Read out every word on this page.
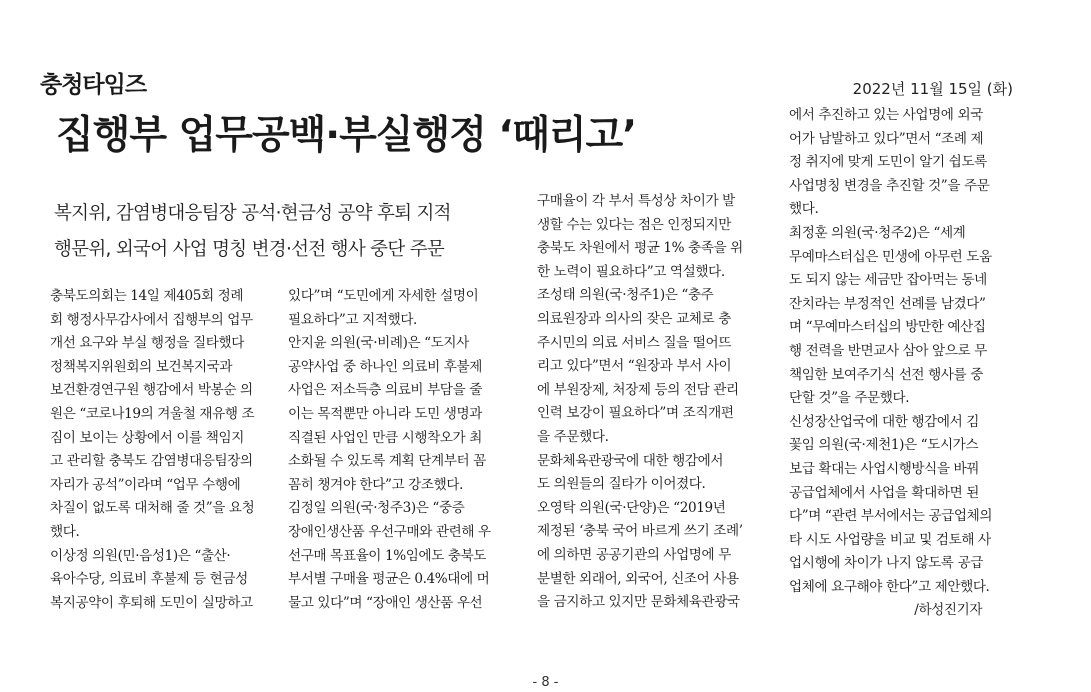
충청타임즈	2022년 11월 15일 (화)
집행부 업무공백·부실행정 ‘때리고’
복지위, 감염병대응팀장 공석·현금성 공약 후퇴 지적
행문위, 외국어 사업 명칭 변경·선전 행사 중단 주문

충북도의회는 14일 제405회 정례

회 행정사무감사에서 집행부의 업무

개선 요구와 부실 행정을 질타했다

정책복지위원회의 보건복지국과

보건환경연구원 행감에서 박봉순 의

원은 “코로나19의 겨울철 재유행 조

짐이 보이는 상황에서 이를 책임지

고 관리할 충북도 감염병대응팀장의

자리가 공석”이라며 “업무 수행에

차질이 없도록 대처해 줄 것”을 요청

했다.

이상정 의원(민·음성1)은 “출산·

육아수당, 의료비 후불제 등 현금성

복지공약이 후퇴해 도민이 실망하고

있다”며 “도민에게 자세한 설명이

필요하다”고 지적했다.

안지윤 의원(국·비례)은 “도지사

공약사업 중 하나인 의료비 후불제

사업은 저소득층 의료비 부담을 줄

이는 목적뿐만 아니라 도민 생명과

직결된 사업인 만큼 시행착오가 최

소화될 수 있도록 계획 단계부터 꼼

꼼히 챙겨야 한다”고 강조했다.

김정일 의원(국·청주3)은 “중증

장애인생산품 우선구매와 관련해 우

선구매 목표율이 1%임에도 충북도

부서별 구매율 평균은 0.4%대에 머

물고 있다”며 “장애인 생산품 우선

구매율이 각 부서 특성상 차이가 발

생할 수는 있다는 점은 인정되지만

충북도 차원에서 평균 1% 충족을 위

한 노력이 필요하다”고 역설했다.

조성태 의원(국·청주1)은 “충주

의료원장과 의사의 잦은 교체로 충

주시민의 의료 서비스 질을 떨어뜨

리고 있다”면서 “원장과 부서 사이

에 부원장제, 처장제 등의 전담 관리

인력 보강이 필요하다”며 조직개편

을 주문했다.

문화체육관광국에 대한 행감에서

도 의원들의 질타가 이어졌다.

오영탁 의원(국·단양)은 “2019년

제정된 ‘충북 국어 바르게 쓰기 조례’

에 의하면 공공기관의 사업명에 무

분별한 외래어, 외국어, 신조어 사용

을 금지하고 있지만 문화체육관광국

에서 추진하고 있는 사업명에 외국

어가 남발하고 있다”면서 “조례 제

정 취지에 맞게 도민이 알기 쉽도록

사업명칭 변경을 추진할 것”을 주문

했다.

최정훈 의원(국·청주2)은 “세계

무예마스터십은 민생에 아무런 도움

도 되지 않는 세금만 잡아먹는 동네

잔치라는 부정적인 선례를 남겼다”

며 “무예마스터십의 방만한 예산집

행 전력을 반면교사 삼아 앞으로 무

책임한 보여주기식 선전 행사를 중

단할 것”을 주문했다.

신성장산업국에 대한 행감에서 김

꽃임 의원(국·제천1)은 “도시가스

보급 확대는 사업시행방식을 바꿔

공급업체에서 사업을 확대하면 된

다”며 “관련 부서에서는 공급업체의

타 시도 사업량을 비교 및 검토해 사

업시행에 차이가 나지 않도록 공급

업체에 요구해야 한다”고 제안했다.

/하성진기자

- 8 -
